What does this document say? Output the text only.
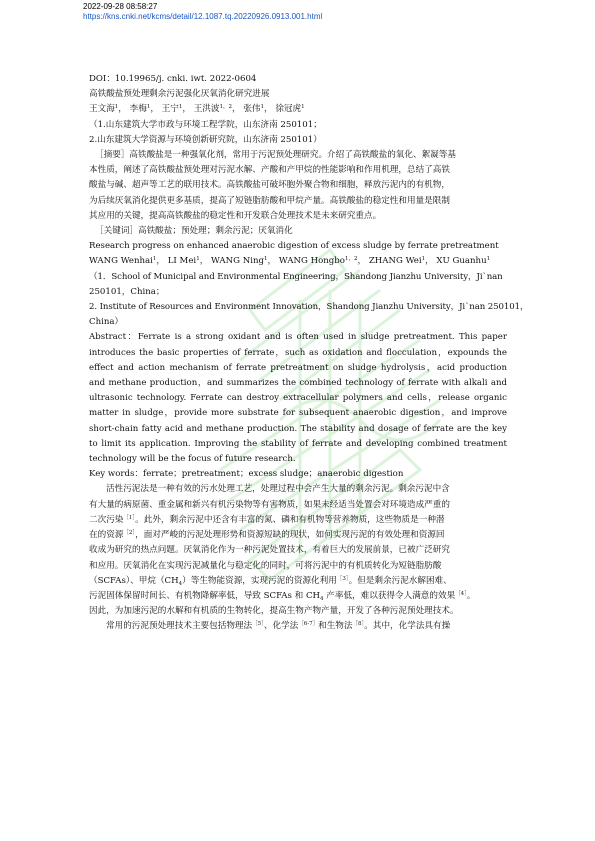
2022-09-28 08:58:27
https://kns.cnki.net/kcms/detail/12.1087.tq.20220926.0913.001.html

DOI：10.19965/j. cnki. iwt. 2022-0604

高铁酸盐预处理剩余污泥强化厌氧消化研究进展

王文海$^1$， 李梅$^1$， 王宁$^1$， 王洪波$^{1,2}$， 张伟$^1$， 徐冠虎$^1$

（1.山东建筑大学市政与环境工程学院，山东济南 250101；

2.山东建筑大学资源与环境创新研究院，山东济南 250101）

［摘要］高铁酸盐是一种强氧化剂，常用于污泥预处理研究。介绍了高铁酸盐的氧化、絮凝等基

本性质，阐述了高铁酸盐预处理对污泥水解、产酸和产甲烷的性能影响和作用机理，总结了高铁

酸盐与碱、超声等工艺的联用技术。高铁酸盐可破坏胞外聚合物和细胞，释放污泥内的有机物，

为后续厌氧消化提供更多基质，提高了短链脂肪酸和甲烷产量。高铁酸盐的稳定性和用量是限制

其应用的关键，提高高铁酸盐的稳定性和开发联合处理技术是未来研究重点。

［关键词］高铁酸盐；预处理；剩余污泥；厌氧消化

Research progress on enhanced anaerobic digestion of excess sludge by ferrate pretreatment

WANG Wenhai$^1$， LI Mei$^1$， WANG Ning$^1$， WANG Hongbo$^{1,2}$， ZHANG Wei$^1$， XU Guanhu$^1$

（1．School of Municipal and Environmental Engineering，Shandong Jianzhu University，Ji`nan

250101，China；

2. Institute of Resources and Environment Innovation，Shandong Jianzhu University，Ji`nan 250101，

China）

Abstract：Ferrate is a strong oxidant and is often used in sludge pretreatment. This paper introduces the basic properties of ferrate，such as oxidation and flocculation，expounds the effect and action mechanism of ferrate pretreatment on sludge hydrolysis，acid production and methane production，and summarizes the combined technology of ferrate with alkali and ultrasonic technology. Ferrate can destroy extracellular polymers and cells，release organic matter in sludge，provide more substrate for subsequent anaerobic digestion，and improve short-chain fatty acid and methane production. The stability and dosage of ferrate are the key to limit its application. Improving the stability of ferrate and developing combined treatment technology will be the focus of future research.

Key words：ferrate；pretreatment；excess sludge；anaerobic digestion

活性污泥法是一种有效的污水处理工艺，处理过程中会产生大量的剩余污泥。剩余污泥中含

有大量的病原菌、重金属和新兴有机污染物等有害物质，如果未经适当处置会对环境造成严重的

二次污染$^{[1]}$。此外，剩余污泥中还含有丰富的氮、磷和有机物等营养物质，这些物质是一种潜

在的资源$^{[2]}$，面对严峻的污泥处理形势和资源短缺的现状，如何实现污泥的有效处理和资源回

收成为研究的热点问题。厌氧消化作为一种污泥处置技术，有着巨大的发展前景，已被广泛研究

和应用。厌氧消化在实现污泥减量化与稳定化的同时，可将污泥中的有机质转化为短链脂肪酸

（SCFAs）、甲烷$(CH_4)$等生物能资源，实现污泥的资源化利用$^{[3]}$。但是剩余污泥水解困难、

污泥固体保留时间长、有机物降解率低，导致 SCFAs 和 $CH_4$ 产率低，难以获得令人满意的效果$^{[4]}$。

因此，为加速污泥的水解和有机质的生物转化，提高生物产物产量，开发了各种污泥预处理技术。

常用的污泥预处理技术主要包括物理法$^{[5]}$、化学法$^{[6-7]}$和生物法$^{[8]}$。其中，化学法具有操
